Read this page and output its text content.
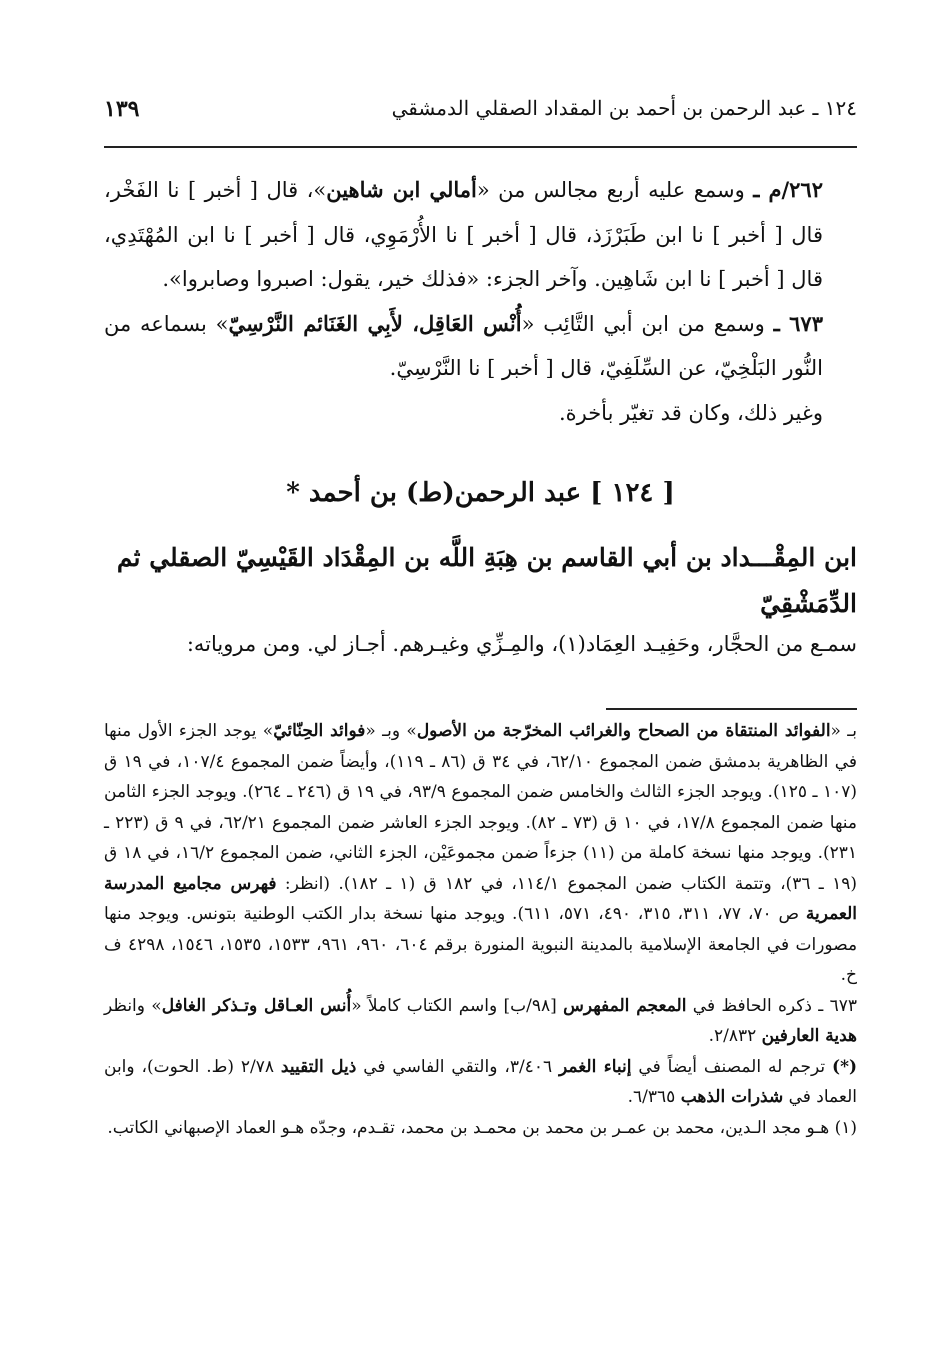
١٢٤ ـ عبد الرحمن بن أحمد بن المقداد الصقلي الدمشقي
١٣٩

٢٦٢/م ـ وسمع عليه أربع مجالس من «أمالي ابن شاهين»، قال [ أخبر ] نا الفَخْر، قال [ أخبر ] نا ابن طَبَرْزَذ، قال [ أخبر ] نا الأُرْمَوِي، قال [ أخبر ] نا ابن المُهْتَدِي، قال [ أخبر ] نا ابن شَاهِين. وآخر الجزء: «فذلك خير، يقول: اصبروا وصابروا».

٦٧٣ ـ وسمع من ابن أبي التَّائِب «أُنْس العَاقِل، لأَبِي الغَنَائم النَّرْسِيّ» بسماعه من النُّور البَلْخِيّ، عن السِّلَفِيّ، قال [ أخبر ] نا النَّرْسِيّ.

وغير ذلك، وكان قد تغيّر بأخرة.

[ ١٢٤ ] عبد الرحمن(ط) بن أحمد *
ابن المِقْـــداد بن أبي القاسم بن هِبَةِ اللَّه بن المِقْدَاد القَيْسِيّ الصقلي ثم الدِّمَشْقِيّ
سمـع من الحجَّار، وحَفِيـد العِمَاد(١)، والمِـزِّي وغيـرهم. أجـاز لي. ومن مروياته:

بـ «الفوائد المنتقاة من الصحاح والغرائب المخرّجة من الأصول» وبـ «فوائد الحِنّائيّ» يوجد الجزء الأول منها في الظاهرية بدمشق ضمن المجموع ٦٢/١٠، في ٣٤ ق (٨٦ ـ ١١٩)، وأيضاً ضمن المجموع ١٠٧/٤، في ١٩ ق (١٠٧ ـ ١٢٥). ويوجد الجزء الثالث والخامس ضمن المجموع ٩٣/٩، في ١٩ ق (٢٤٦ ـ ٢٦٤). ويوجد الجزء الثامن منها ضمن المجموع ١٧/٨، في ١٠ ق (٧٣ ـ ٨٢). ويوجد الجزء العاشر ضمن المجموع ٦٢/٢١، في ٩ ق (٢٢٣ ـ ٢٣١). ويوجد منها نسخة كاملة من (١١) جزءاً ضمن مجموعَيْن، الجزء الثاني، ضمن المجموع ١٦/٢، في ١٨ ق (١٩ ـ ٣٦)، وتتمة الكتاب ضمن المجموع ١١٤/١، في ١٨٢ ق (١ ـ ١٨٢). (انظر: فهرس مجاميع المدرسة العمرية ص ٧٠، ٧٧، ٣١١، ٣١٥، ٤٩٠، ٥٧١، ٦١١). ويوجد منها نسخة بدار الكتب الوطنية بتونس. ويوجد منها مصورات في الجامعة الإسلامية بالمدينة النبوية المنورة برقم ٦٠٤، ٩٦٠، ٩٦١، ١٥٣٣، ١٥٣٥، ١٥٤٦، ٤٢٩٨ ف خ.

٦٧٣ ـ ذكره الحافظ في المعجم المفهرس [٩٨/ب] واسم الكتاب كاملاً «أُنس العـاقل وتـذكر الغافل» وانظر هدية العارفين ٢/٨٣٢.

(*) ترجم له المصنف أيضاً في إنباء الغمر ٣/٤٠٦، والتقي الفاسي في ذيل التقييد ٢/٧٨ (ط. الحوت)، وابن العماد في شذرات الذهب ٦/٣٦٥.

(١) هـو مجد الـدين، محمد بن عمـر بن محمد بن محمـد بن محمد، تقـدم، وجدّه هـو العماد الإصبهاني الكاتب.
